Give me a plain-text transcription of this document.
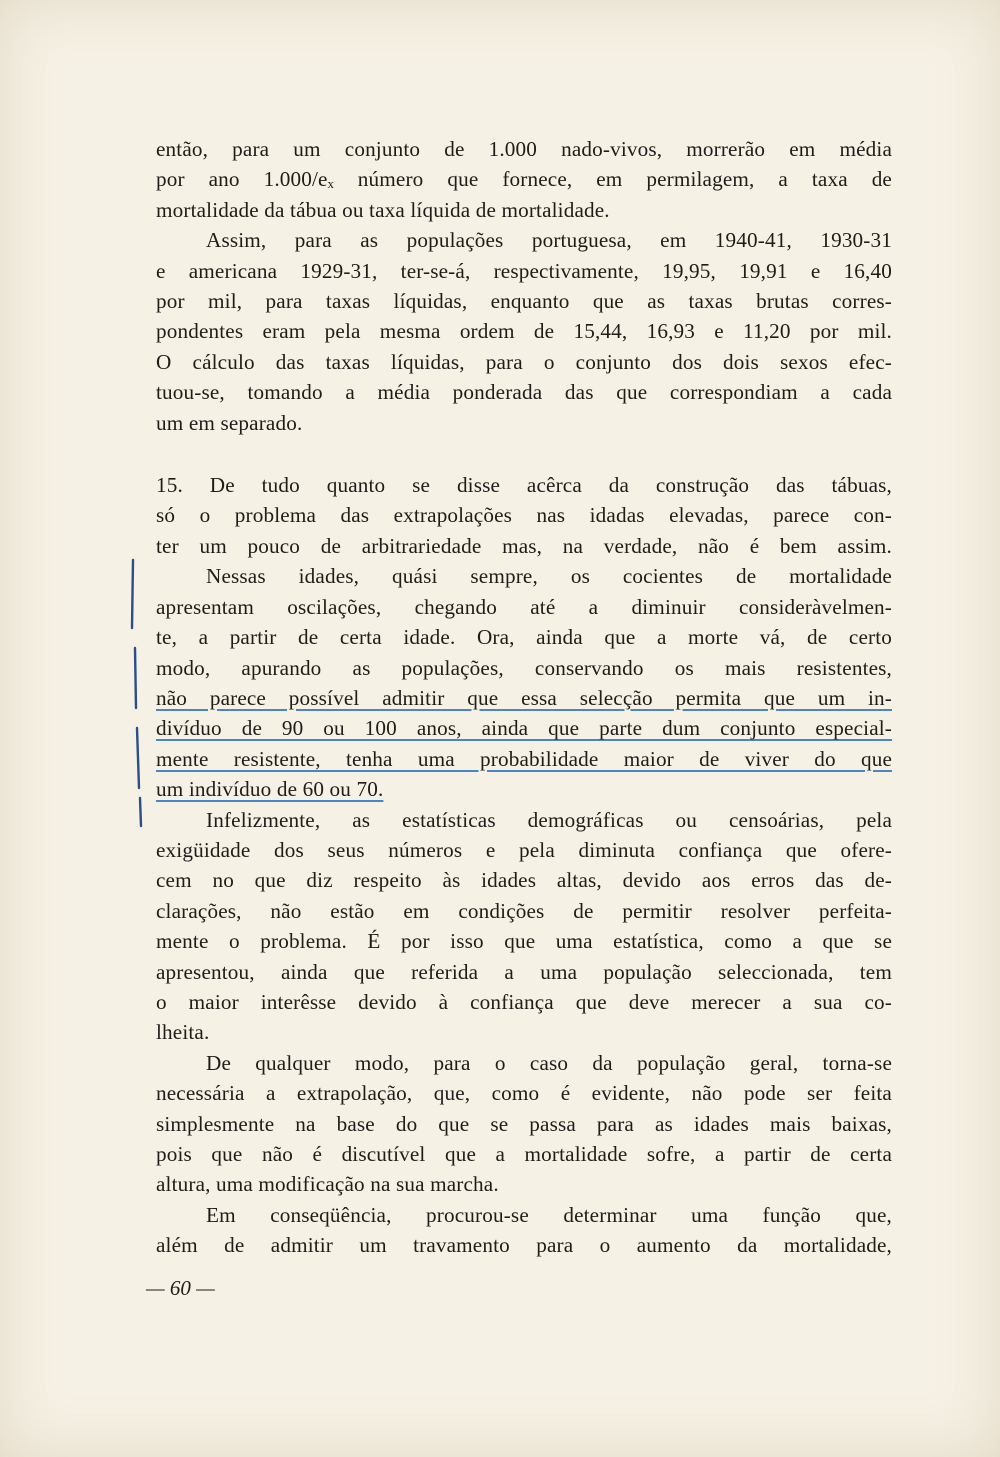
então, para um conjunto de 1.000 nado-vivos, morrerão em média

por ano 1.000/eₓ número que fornece, em permilagem, a taxa de

mortalidade da tábua ou taxa líquida de mortalidade.

Assim, para as populações portuguesa, em 1940-41, 1930-31

e americana 1929-31, ter-se-á, respectivamente, 19,95, 19,91 e 16,40

por mil, para taxas líquidas, enquanto que as taxas brutas corres-

pondentes eram pela mesma ordem de 15,44, 16,93 e 11,20 por mil.

O cálculo das taxas líquidas, para o conjunto dos dois sexos efec-

tuou-se, tomando a média ponderada das que correspondiam a cada

um em separado.

15. De tudo quanto se disse acêrca da construção das tábuas,

só o problema das extrapolações nas idadas elevadas, parece con-

ter um pouco de arbitrariedade mas, na verdade, não é bem assim.

Nessas idades, quási sempre, os cocientes de mortalidade

apresentam oscilações, chegando até a diminuir consideràvelmen-

te, a partir de certa idade. Ora, ainda que a morte vá, de certo

modo, apurando as populações, conservando os mais resistentes,

não parece possível admitir que essa selecção permita que um in-

divíduo de 90 ou 100 anos, ainda que parte dum conjunto especial-

mente resistente, tenha uma probabilidade maior de viver do que

um indivíduo de 60 ou 70.

Infelizmente, as estatísticas demográficas ou censoárias, pela

exigüidade dos seus números e pela diminuta confiança que ofere-

cem no que diz respeito às idades altas, devido aos erros das de-

clarações, não estão em condições de permitir resolver perfeita-

mente o problema. É por isso que uma estatística, como a que se

apresentou, ainda que referida a uma população seleccionada, tem

o maior interêsse devido à confiança que deve merecer a sua co-

lheita.

De qualquer modo, para o caso da população geral, torna-se

necessária a extrapolação, que, como é evidente, não pode ser feita

simplesmente na base do que se passa para as idades mais baixas,

pois que não é discutível que a mortalidade sofre, a partir de certa

altura, uma modificação na sua marcha.

Em conseqüência, procurou-se determinar uma função que,

além de admitir um travamento para o aumento da mortalidade,

— 60 —
